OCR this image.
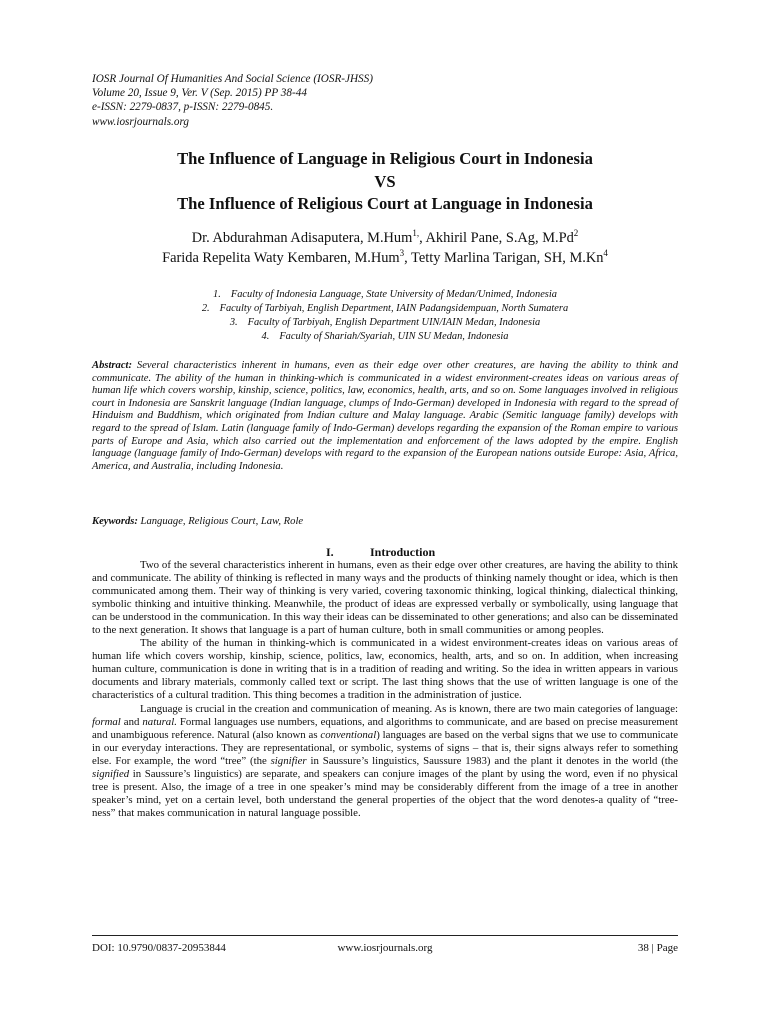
IOSR Journal Of Humanities And Social Science (IOSR-JHSS)
Volume 20, Issue 9, Ver. V (Sep. 2015) PP 38-44
e-ISSN: 2279-0837, p-ISSN: 2279-0845.
www.iosrjournals.org
The Influence of Language in Religious Court in Indonesia
VS
The Influence of Religious Court at Language in Indonesia
Dr. Abdurahman Adisaputera, M.Hum$^{1,}$, Akhiril Pane, S.Ag, M.Pd$^2$
Farida Repelita Waty Kembaren, M.Hum$^3$, Tetty Marlina Tarigan, SH, M.Kn$^4$
1. Faculty of Indonesia Language, State University of Medan/Unimed, Indonesia
2. Faculty of Tarbiyah, English Department, IAIN Padangsidempuan, North Sumatera
3. Faculty of Tarbiyah, English Department UIN/IAIN Medan, Indonesia
4. Faculty of Shariah/Syariah, UIN SU Medan, Indonesia
Abstract: Several characteristics inherent in humans, even as their edge over other creatures, are having the ability to think and communicate. The ability of the human in thinking-which is communicated in a widest environment-creates ideas on various areas of human life which covers worship, kinship, science, politics, law, economics, health, arts, and so on. Some languages involved in religious court in Indonesia are Sanskrit language (Indian language, clumps of Indo-German) developed in Indonesia with regard to the spread of Hinduism and Buddhism, which originated from Indian culture and Malay language. Arabic (Semitic language family) develops with regard to the spread of Islam. Latin (language family of Indo-German) develops regarding the expansion of the Roman empire to various parts of Europe and Asia, which also carried out the implementation and enforcement of the laws adopted by the empire. English language (language family of Indo-German) develops with regard to the expansion of the European nations outside Europe: Asia, Africa, America, and Australia, including Indonesia.
Keywords: Language, Religious Court, Law, Role
I.	Introduction

Two of the several characteristics inherent in humans, even as their edge over other creatures, are having the ability to think and communicate. The ability of thinking is reflected in many ways and the products of thinking namely thought or idea, which is then communicated among them. Their way of thinking is very varied, covering taxonomic thinking, logical thinking, dialectical thinking, symbolic thinking and intuitive thinking. Meanwhile, the product of ideas are expressed verbally or symbolically, using language that can be understood in the communication. In this way their ideas can be disseminated to other generations; and also can be disseminated to the next generation. It shows that language is a part of human culture, both in small communities or among peoples.

The ability of the human in thinking-which is communicated in a widest environment-creates ideas on various areas of human life which covers worship, kinship, science, politics, law, economics, health, arts, and so on. In addition, when increasing human culture, communication is done in writing that is in a tradition of reading and writing. So the idea in written appears in various documents and library materials, commonly called text or script. The last thing shows that the use of written language is one of the characteristics of a cultural tradition. This thing becomes a tradition in the administration of justice.

Language is crucial in the creation and communication of meaning. As is known, there are two main categories of language: formal and natural. Formal languages use numbers, equations, and algorithms to communicate, and are based on precise measurement and unambiguous reference. Natural (also known as conventional) languages are based on the verbal signs that we use to communicate in our everyday interactions. They are representational, or symbolic, systems of signs – that is, their signs always refer to something else. For example, the word “tree” (the signifier in Saussure’s linguistics, Saussure 1983) and the plant it denotes in the world (the signified in Saussure’s linguistics) are separate, and speakers can conjure images of the plant by using the word, even if no physical tree is present. Also, the image of a tree in one speaker’s mind may be considerably different from the image of a tree in another speaker’s mind, yet on a certain level, both understand the general properties of the object that the word denotes-a quality of “tree-ness” that makes communication in natural language possible.

DOI: 10.9790/0837-20953844	www.iosrjournals.org	38 | Page
